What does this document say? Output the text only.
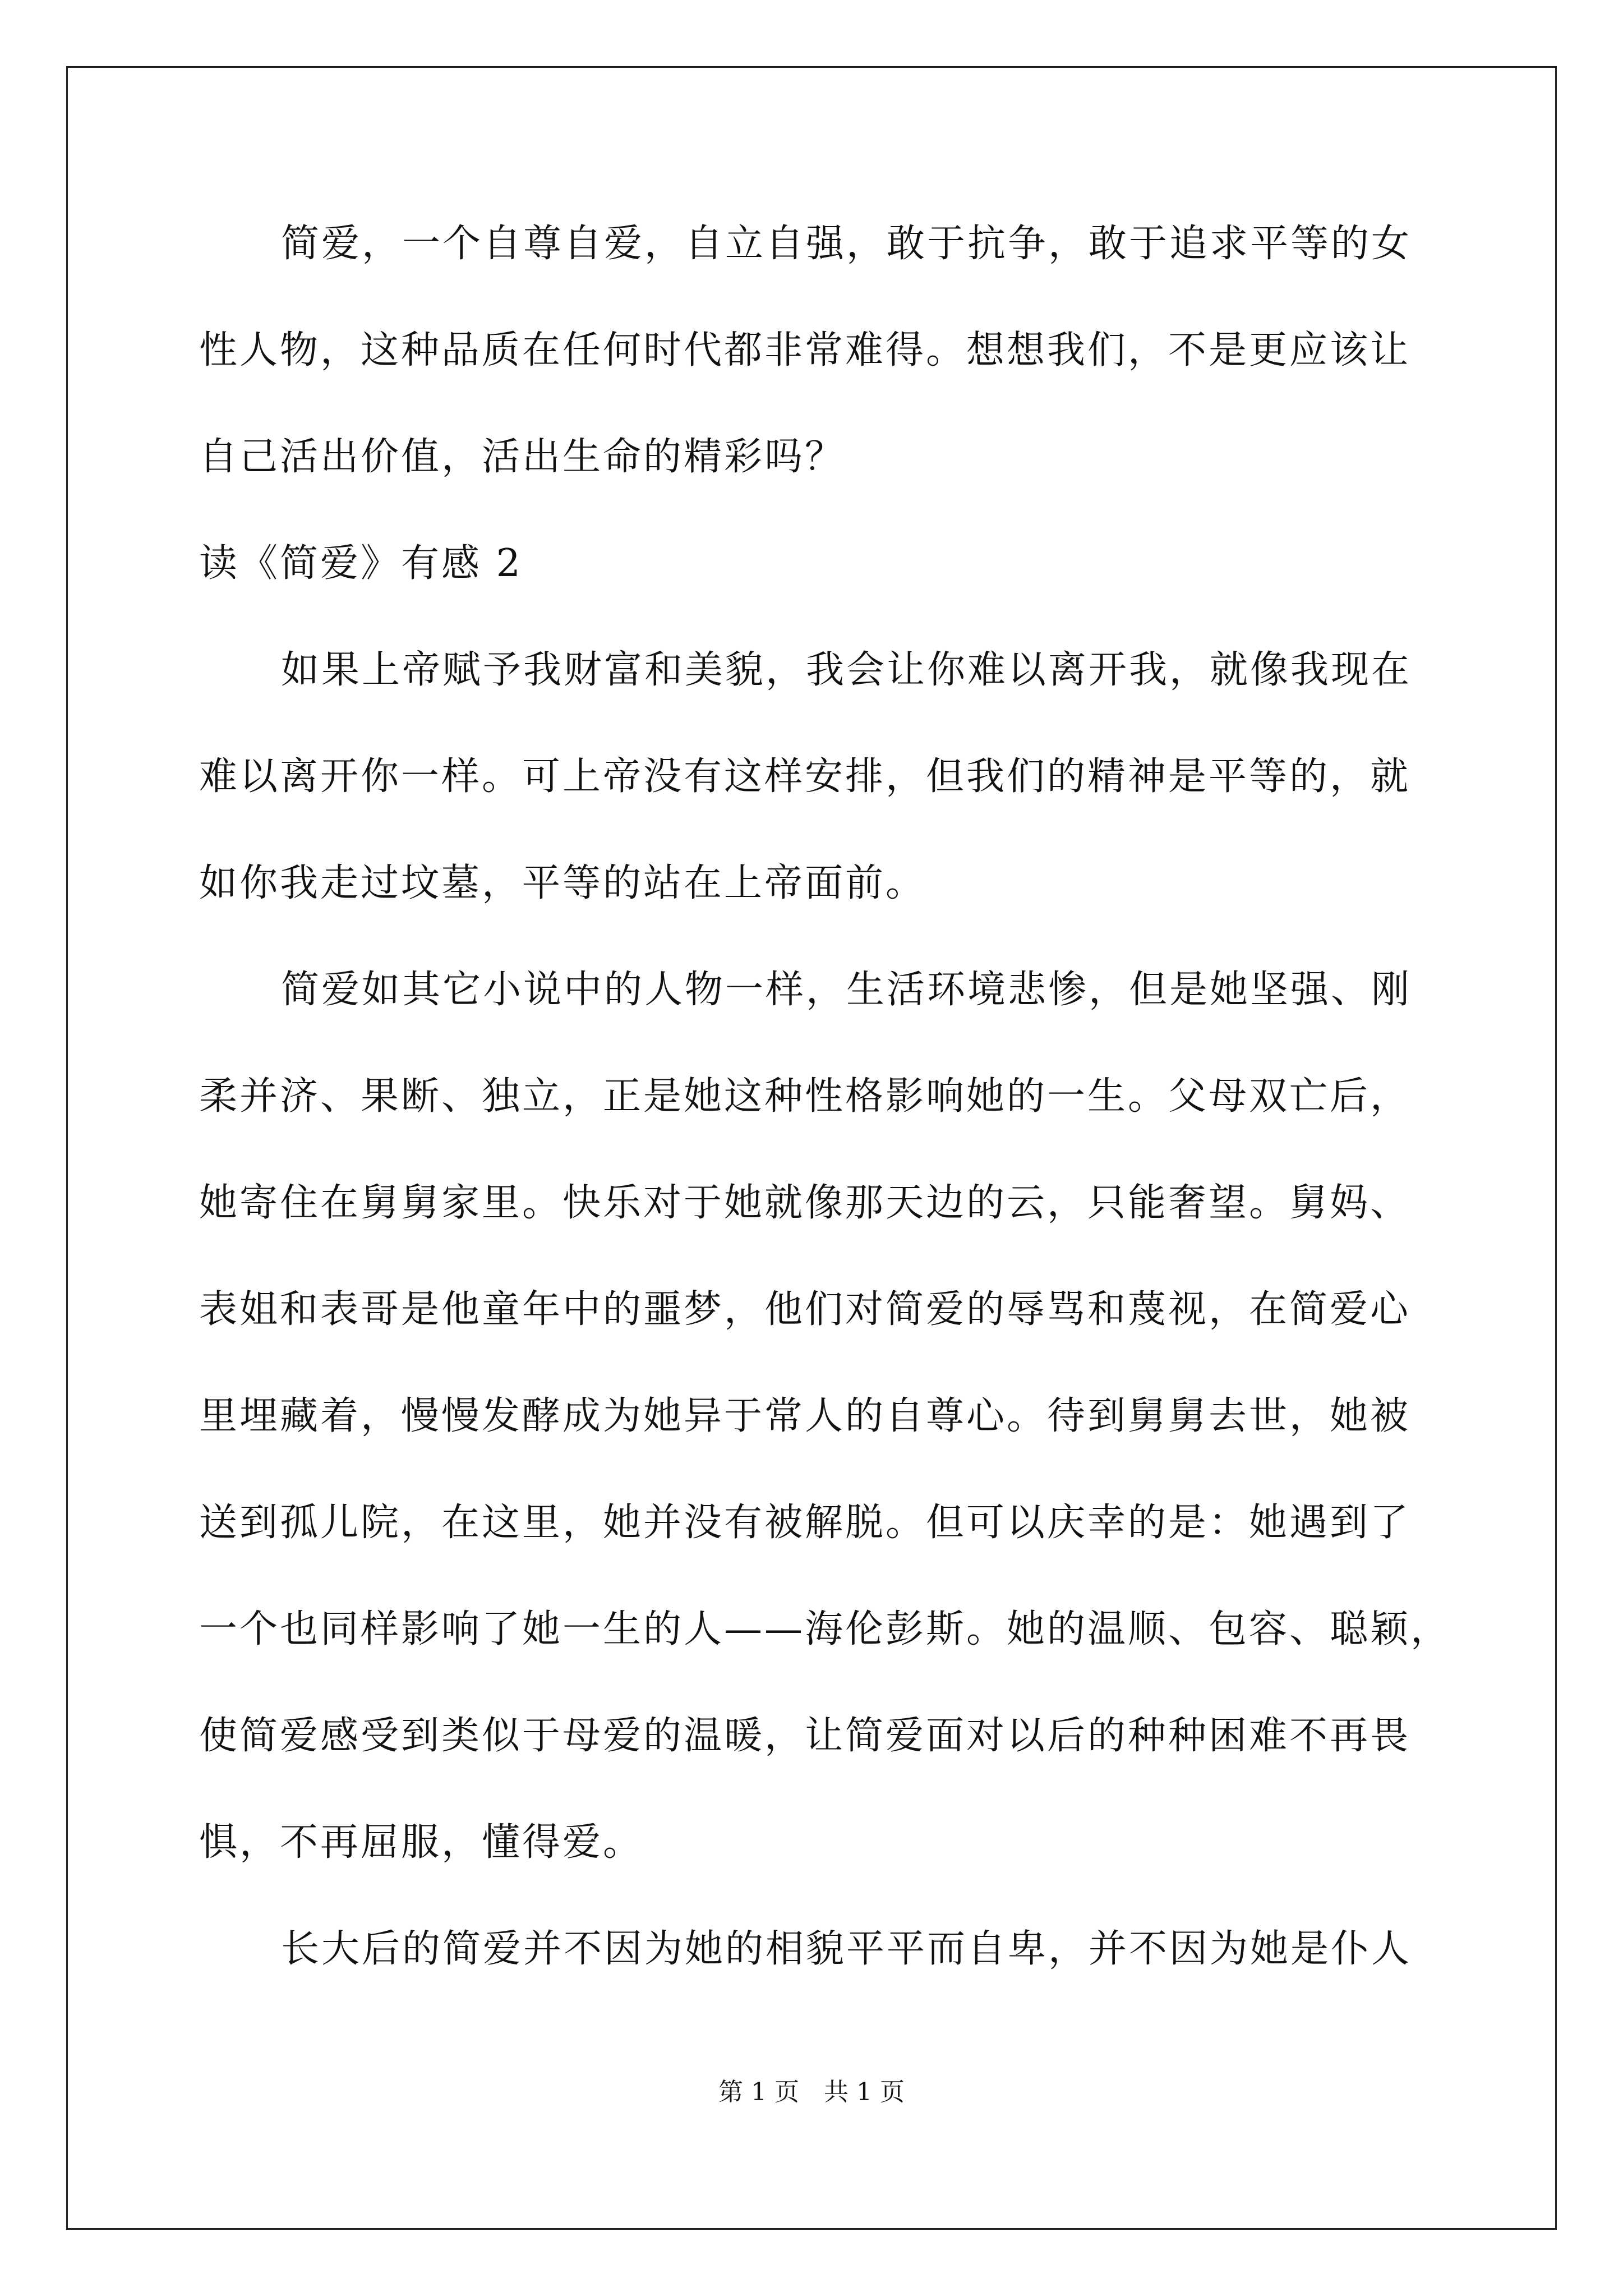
简爱，一个自尊自爱，自立自强，敢于抗争，敢于追求平等的女
性人物，这种品质在任何时代都非常难得。想想我们，不是更应该让
自己活出价值，活出生命的精彩吗？
读《简爱》有感 2
如果上帝赋予我财富和美貌，我会让你难以离开我，就像我现在
难以离开你一样。可上帝没有这样安排，但我们的精神是平等的，就
如你我走过坟墓，平等的站在上帝面前。
简爱如其它小说中的人物一样，生活环境悲惨，但是她坚强、刚
柔并济、果断、独立，正是她这种性格影响她的一生。父母双亡后，
她寄住在舅舅家里。快乐对于她就像那天边的云，只能奢望。舅妈、
表姐和表哥是他童年中的噩梦，他们对简爱的辱骂和蔑视，在简爱心
里埋藏着，慢慢发酵成为她异于常人的自尊心。待到舅舅去世，她被
送到孤儿院，在这里，她并没有被解脱。但可以庆幸的是：她遇到了
一个也同样影响了她一生的人——海伦彭斯。她的温顺、包容、聪颖，
使简爱感受到类似于母爱的温暖，让简爱面对以后的种种困难不再畏
惧，不再屈服，懂得爱。
长大后的简爱并不因为她的相貌平平而自卑，并不因为她是仆人
第 1 页　共 1 页
